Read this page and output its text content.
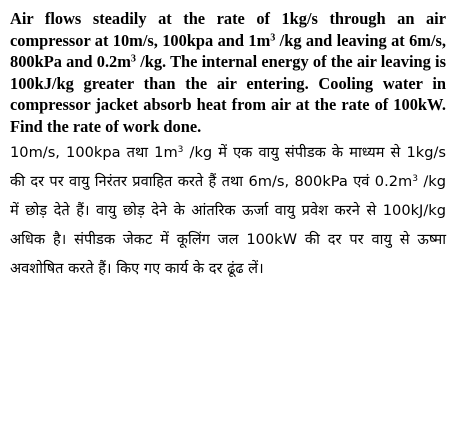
Air flows steadily at the rate of 1kg/s through an air compressor at 10m/s, 100kpa and $1m^3$ /kg and leaving at 6m/s, 800kPa and $0.2m^3$ /kg. The internal energy of the air leaving is 100kJ/kg greater than the air entering. Cooling water in compressor jacket absorb heat from air at the rate of 100kW. Find the rate of work done.

10m/s, 100kpa तथा $1m^3$ /kg में एक वायु संपीडक के माध्यम से 1kg/s की दर पर वायु निरंतर प्रवाहित करते हैं तथा 6m/s, 800kPa एवं $0.2m^3$ /kg में छोड़ देते हैं। वायु छोड़ देने के आंतरिक ऊर्जा वायु प्रवेश करने से 100kJ/kg अधिक है। संपीडक जेकट में कूलिंग जल 100kW की दर पर वायु से ऊष्मा अवशोषित करते हैं। किए गए कार्य के दर ढूंढ लें।
